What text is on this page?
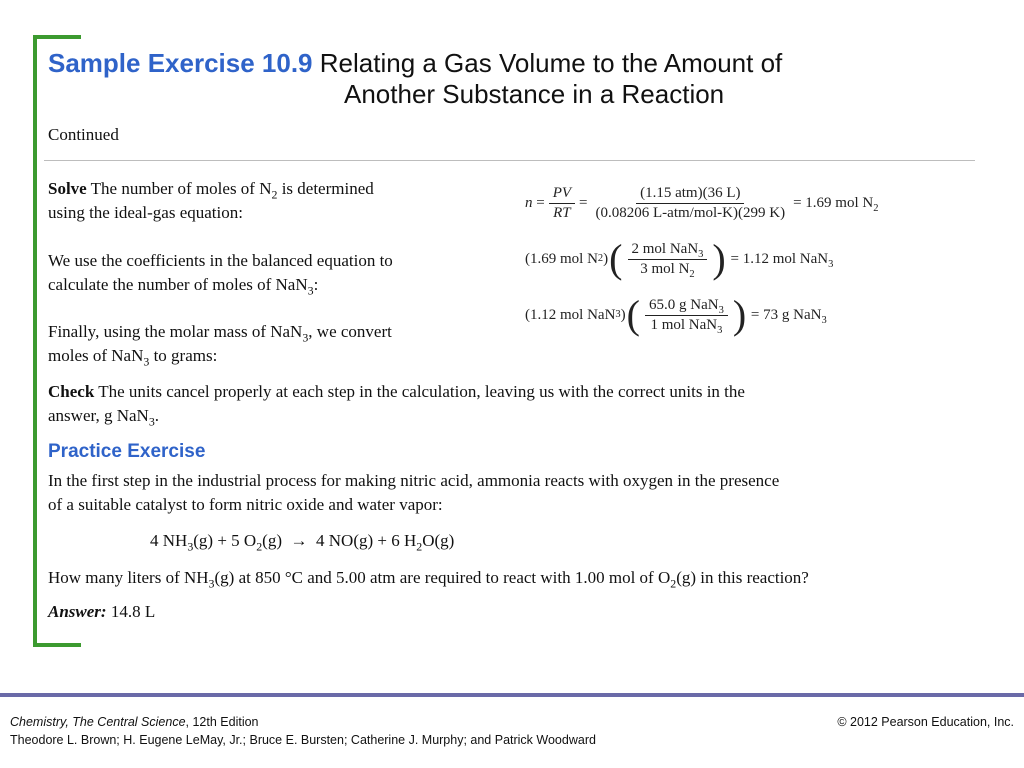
Sample Exercise 10.9 Relating a Gas Volume to the Amount of
Another Substance in a Reaction
Continued
Solve The number of moles of $N_2$ is determined
using the ideal-gas equation:
We use the coefficients in the balanced equation to
calculate the number of moles of NaN$_3$:
Finally, using the molar mass of NaN$_3$, we convert
moles of NaN$_3$ to grams:
n
= $\frac{PV}{RT} = \frac{\text{(1.15 atm)(36 L)}}{\text{(0.08206 L-atm/mol-K)(299 K)}}$ =
1.69 mol $N_2$
(1.69 mol N 2 ) ( $\frac{2 mol NaN_3}{3 mol N_2}$ )
=
1.12 mol NaN$_3$
(1.12 mol NaN 3 ) ( $\frac{65.0 g NaN_3}{1 mol NaN_3}$ )
=
73 g NaN$_3$
Check The units cancel properly at each step in the calculation, leaving us with the correct units in the
answer, g NaN$_3$.
Practice Exercise
In the first step in the industrial process for making nitric acid, ammonia reacts with oxygen in the presence
of a suitable catalyst to form nitric oxide and water vapor:
4 $NH_3(g) + 5$ $O_2(g) \to 4$ NO(g) + 6 $H_2O(g)$
How many liters of $NH_3(g)$ at 850 °C and 5.00 atm are required to react with 1.00 mol of $O_2(g)$ in this reaction?
Answer: 14.8 L
Chemistry, The Central Science, 12th Edition
Theodore L. Brown; H. Eugene LeMay, Jr.; Bruce E. Bursten; Catherine J. Murphy; and Patrick Woodward
© 2012 Pearson Education, Inc.
